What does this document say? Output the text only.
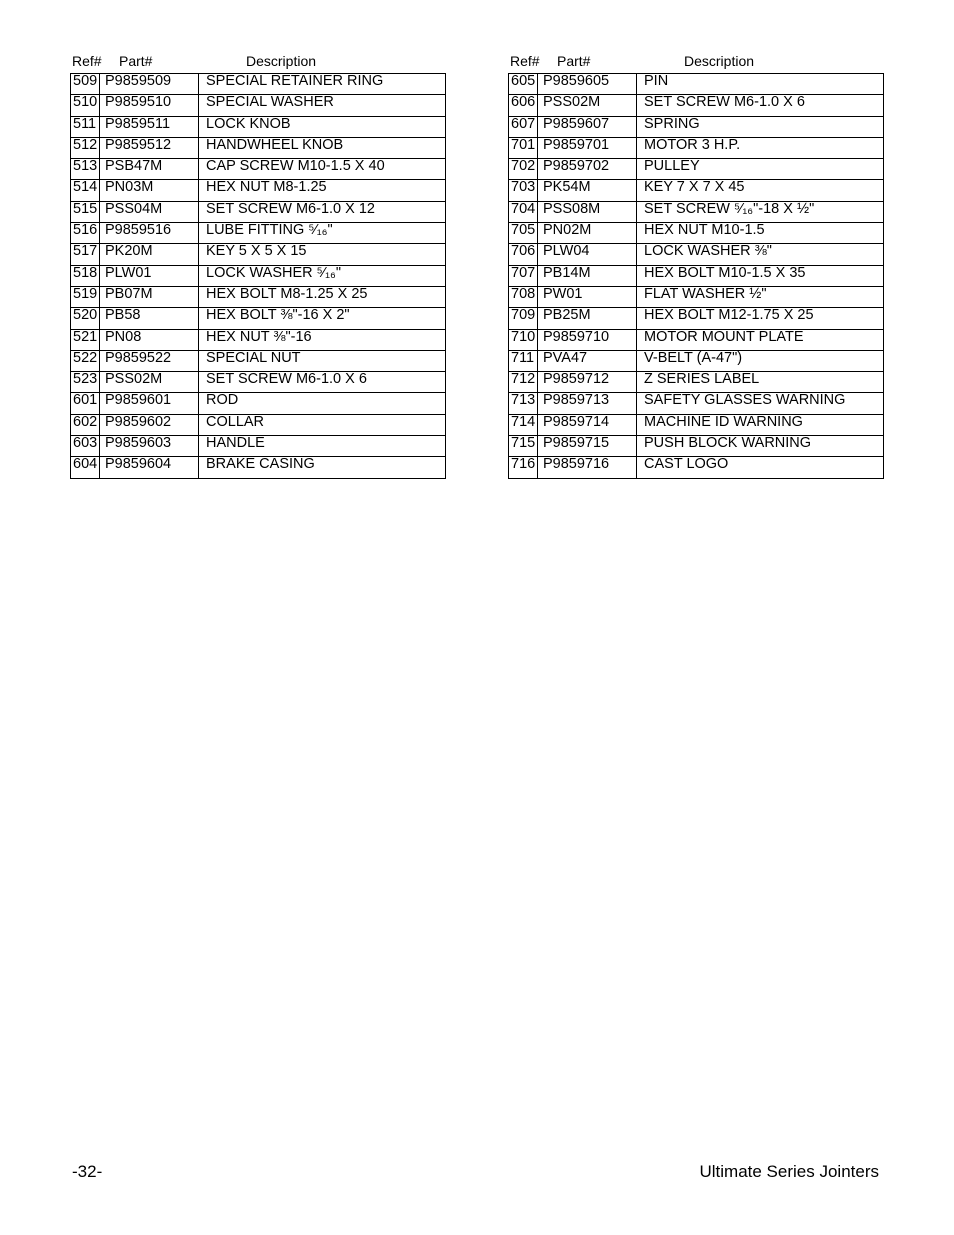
Ref# Part#	Description
509	P9859509	SPECIAL RETAINER RING
510	P9859510	SPECIAL WASHER
511	P9859511	LOCK KNOB
512	P9859512	HANDWHEEL KNOB
513	PSB47M	CAP SCREW M10-1.5 X 40
514	PN03M	HEX NUT M8-1.25
515	PSS04M	SET SCREW M6-1.0 X 12
516	P9859516	LUBE FITTING ⁵⁄₁₆"
517	PK20M	KEY 5 X 5 X 15
518	PLW01	LOCK WASHER ⁵⁄₁₆"
519	PB07M	HEX BOLT M8-1.25 X 25
520	PB58	HEX BOLT ⅜"-16 X 2"
521	PN08	HEX NUT ⅜"-16
522	P9859522	SPECIAL NUT
523	PSS02M	SET SCREW M6-1.0 X 6
601	P9859601	ROD
602	P9859602	COLLAR
603	P9859603	HANDLE
604	P9859604	BRAKE CASING
Ref# Part#	Description
605	P9859605	PIN
606	PSS02M	SET SCREW M6-1.0 X 6
607	P9859607	SPRING
701	P9859701	MOTOR 3 H.P.
702	P9859702	PULLEY
703	PK54M	KEY 7 X 7 X 45
704	PSS08M	SET SCREW ⁵⁄₁₆"-18 X ½"
705	PN02M	HEX NUT M10-1.5
706	PLW04	LOCK WASHER ⅜"
707	PB14M	HEX BOLT M10-1.5 X 35
708	PW01	FLAT WASHER ½"
709	PB25M	HEX BOLT M12-1.75 X 25
710	P9859710	MOTOR MOUNT PLATE
711	PVA47	V-BELT (A-47")
712	P9859712	Z SERIES LABEL
713	P9859713	SAFETY GLASSES WARNING
714	P9859714	MACHINE ID WARNING
715	P9859715	PUSH BLOCK WARNING
716	P9859716	CAST LOGO
-32-	Ultimate Series Jointers
